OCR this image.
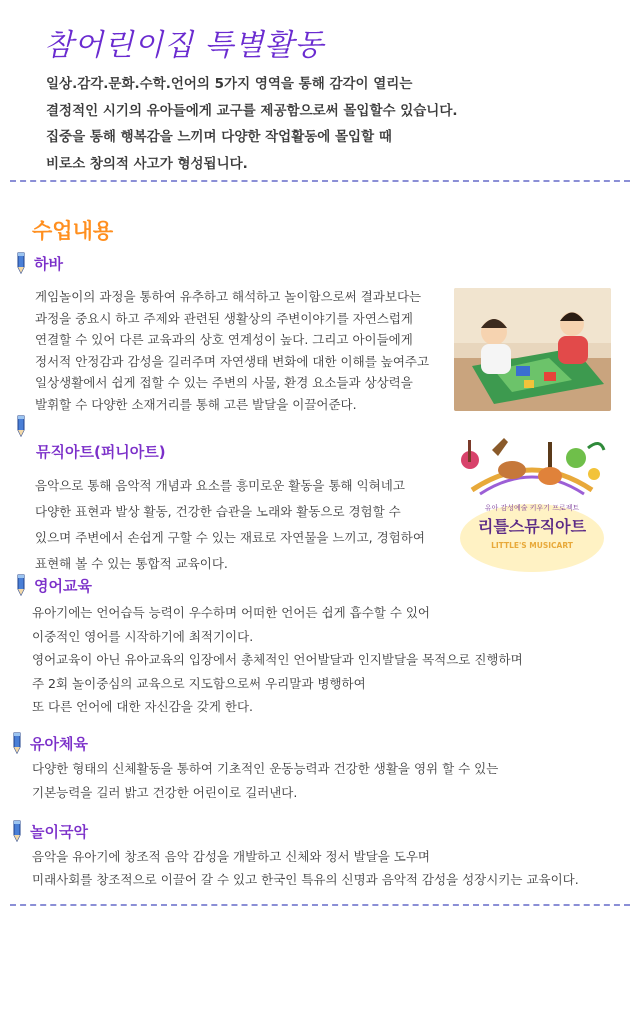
참어린이집 특별활동
일상.감각.문화.수학.언어의 5가지 영역을 통해 감각이 열리는
결정적인 시기의 유아들에게 교구를 제공함으로써 몰입할수 있습니다.
집중을 통해 행복감을 느끼며 다양한 작업활동에 몰입할 때
비로소 창의적 사고가 형성됩니다.
수업내용
하바
게임놀이의 과정을 통하여 유추하고 해석하고 놀이함으로써 결과보다는
과정을 중요시 하고 주제와 관련된 생활상의 주변이야기를 자연스럽게
연결할 수 있어 다른 교육과의 상호 연계성이 높다. 그리고 아이들에게
정서적 안정감과 감성을 길러주며 자연생태 변화에 대한 이해를 높여주고
일상생활에서 쉽게 접할 수 있는 주변의 사물, 환경 요소들과 상상력을
발휘할 수 다양한 소재거리를 통해 고른 발달을 이끌어준다.
뮤직아트(퍼니아트)
음악으로 통해 음악적 개념과 요소를 흥미로운 활동을 통해 익혀네고
다양한 표현과 발상 활동, 건강한 습관을 노래와 활동으로 경험할 수
있으며 주변에서 손쉽게 구할 수 있는 재료로 자연물을 느끼고, 경험하여
표현해 볼 수 있는 통합적 교육이다.
유아 감성예술 키우기 프로젝트
리틀스뮤직아트
LITTLE'S MUSICART
영어교육
유아기에는 언어습득 능력이 우수하며 어떠한 언어든 쉽게 흡수할 수 있어
이중적인 영어를 시작하기에 최적기이다.
영어교육이 아닌 유아교육의 입장에서 총체적인 언어발달과 인지발달을 목적으로 진행하며
주 2회 놀이중심의 교육으로 지도함으로써 우리말과 병행하여
또 다른 언어에 대한 자신감을 갖게 한다.
유아체육
다양한 형태의 신체활동을 통하여 기초적인 운동능력과 건강한 생활을 영위 할 수 있는
기본능력을 길러 밝고 건강한 어린이로 길러낸다.
놀이국악
음악을 유아기에 창조적 음악 감성을 개발하고 신체와 정서 발달을 도우며
미래사회를 창조적으로 이끌어 갈 수 있고 한국인 특유의 신명과 음악적 감성을 성장시키는 교육이다.
